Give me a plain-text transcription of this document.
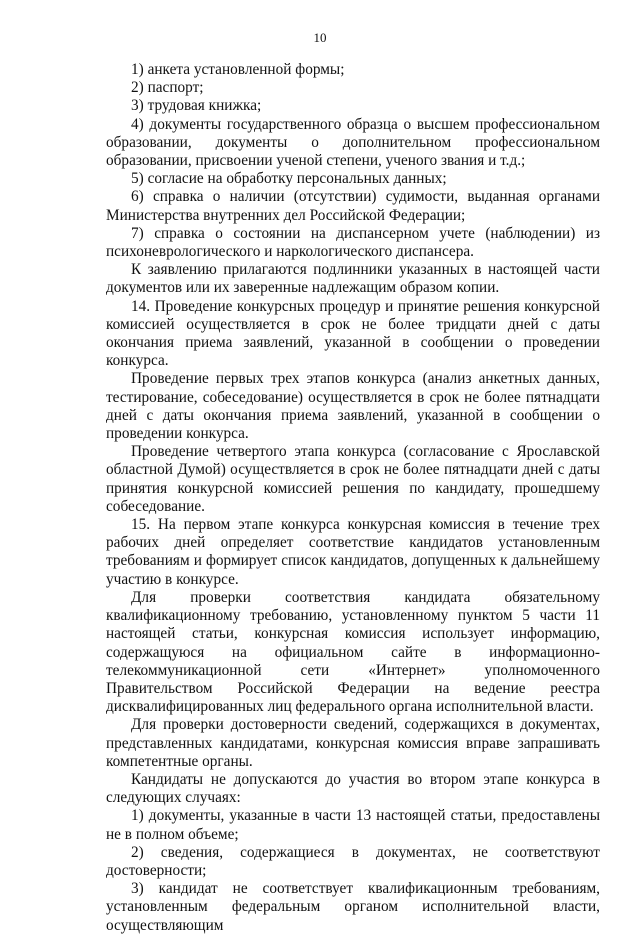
10

1) анкета установленной формы;

2) паспорт;

3) трудовая книжка;

4) документы государственного образца о высшем профессиональном образовании, документы о дополнительном профессиональном образовании, присвоении ученой степени, ученого звания и т.д.;

5) согласие на обработку персональных данных;

6) справка о наличии (отсутствии) судимости, выданная органами Министерства внутренних дел Российской Федерации;

7) справка о состоянии на диспансерном учете (наблюдении) из психоневрологического и наркологического диспансера.

К заявлению прилагаются подлинники указанных в настоящей части документов или их заверенные надлежащим образом копии.

14. Проведение конкурсных процедур и принятие решения конкурсной комиссией осуществляется в срок не более тридцати дней с даты окончания приема заявлений, указанной в сообщении о проведении конкурса.

Проведение первых трех этапов конкурса (анализ анкетных данных, тестирование, собеседование) осуществляется в срок не более пятнадцати дней с даты окончания приема заявлений, указанной в сообщении о проведении конкурса.

Проведение четвертого этапа конкурса (согласование с Ярославской областной Думой) осуществляется в срок не более пятнадцати дней с даты принятия конкурсной комиссией решения по кандидату, прошедшему собеседование.

15. На первом этапе конкурса конкурсная комиссия в течение трех рабочих дней определяет соответствие кандидатов установленным требованиям и формирует список кандидатов, допущенных к дальнейшему участию в конкурсе.

Для проверки соответствия кандидата обязательному квалификационному требованию, установленному пунктом 5 части 11 настоящей статьи, конкурсная комиссия использует информацию, содержащуюся на официальном сайте в информационно-телекоммуникационной сети «Интернет» уполномоченного Правительством Российской Федерации на ведение реестра дисквалифицированных лиц федерального органа исполнительной власти.

Для проверки достоверности сведений, содержащихся в документах, представленных кандидатами, конкурсная комиссия вправе запрашивать компетентные органы.

Кандидаты не допускаются до участия во втором этапе конкурса в следующих случаях:

1) документы, указанные в части 13 настоящей статьи, предоставлены не в полном объеме;

2) сведения, содержащиеся в документах, не соответствуют достоверности;

3) кандидат не соответствует квалификационным требованиям, установленным федеральным органом исполнительной власти, осуществляющим
